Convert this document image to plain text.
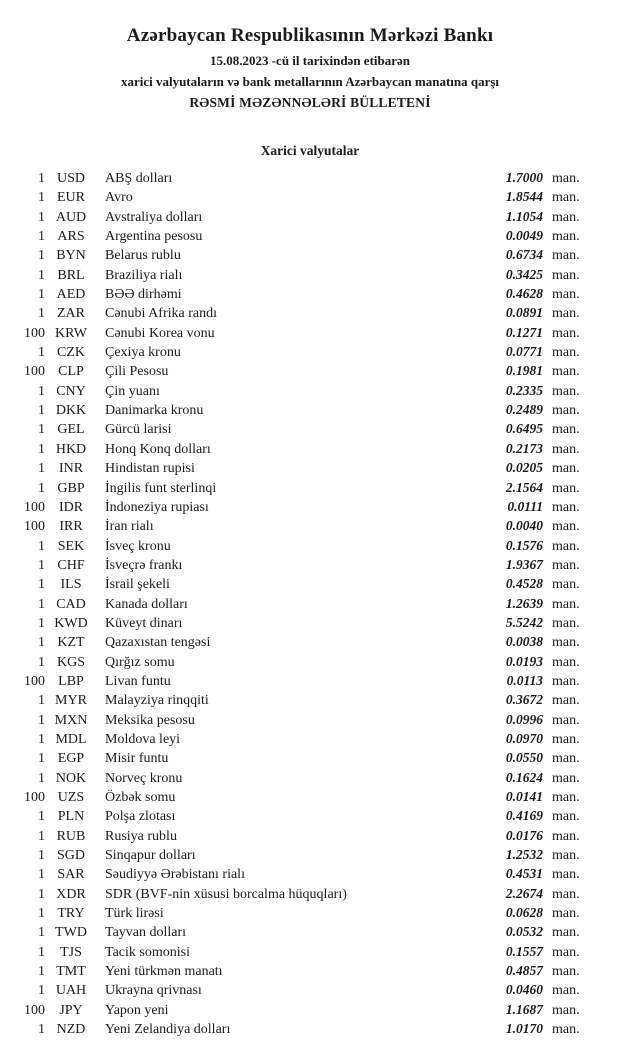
Azərbaycan Respublikasının Mərkəzi Bankı
15.08.2023 -cü il tarixindən etibarən
xarici valyutaların və bank metallarının Azərbaycan manatına qarşı
RƏSMİ MƏZƏNNƏLƏRİ BÜLLETENİ
Xarici valyutalar
1 USD	ABŞ dolları	1.7000 man.
1 EUR	Avro	1.8544 man.
1 AUD	Avstraliya dolları	1.1054 man.
1 ARS	Argentina pesosu	0.0049 man.
1 BYN	Belarus rublu	0.6734 man.
1 BRL	Braziliya rialı	0.3425 man.
1 AED	BƏƏ dirhəmi	0.4628 man.
1 ZAR	Cənubi Afrika randı	0.0891 man.
100 KRW	Cənubi Korea vonu	0.1271 man.
1 CZK	Çexiya kronu	0.0771 man.
100 CLP	Çili Pesosu	0.1981 man.
1 CNY	Çin yuanı	0.2335 man.
1 DKK	Danimarka kronu	0.2489 man.
1 GEL	Gürcü larisi	0.6495 man.
1 HKD	Honq Konq dolları	0.2173 man.
1 INR	Hindistan rupisi	0.0205 man.
1 GBP	İngilis funt sterlinqi	2.1564 man.
100 IDR	İndoneziya rupiası	0.0111 man.
100	IRR	İran rialı	0.0040 man.
1 SEK	İsveç kronu	0.1576 man.
1 CHF	İsveçrə frankı	1.9367 man.
1	ILS	İsrail şekeli	0.4528 man.
1 CAD	Kanada dolları	1.2639 man.
1 KWD	Küveyt dinarı	5.5242 man.
1 KZT	Qazaxıstan tengəsi	0.0038 man.
1 KGS	Qırğız somu	0.0193 man.
100 LBP	Livan funtu	0.0113 man.
1 MYR	Malayziya rinqqiti	0.3672 man.
1 MXN	Meksika pesosu	0.0996 man.
1 MDL	Moldova leyi	0.0970 man.
1 EGP	Misir funtu	0.0550 man.
1 NOK	Norveç kronu	0.1624 man.
100 UZS	Özbək somu	0.0141 man.
1 PLN	Polşa zlotası	0.4169 man.
1 RUB	Rusiya rublu	0.0176 man.
1 SGD	Sinqapur dolları	1.2532 man.
1 SAR	Səudiyyə Ərəbistanı rialı	0.4531 man.
1 XDR	SDR (BVF-nin xüsusi borcalma hüquqları)	2.2674 man.
1 TRY	Türk lirəsi	0.0628 man.
1 TWD	Tayvan dolları	0.0532 man.
1	TJS	Tacik somonisi	0.1557 man.
1 TMT	Yeni türkmən manatı	0.4857 man.
1 UAH	Ukrayna qrivnası	0.0460 man.
100	JPY	Yapon yeni	1.1687 man.
1 NZD	Yeni Zelandiya dolları	1.0170 man.
